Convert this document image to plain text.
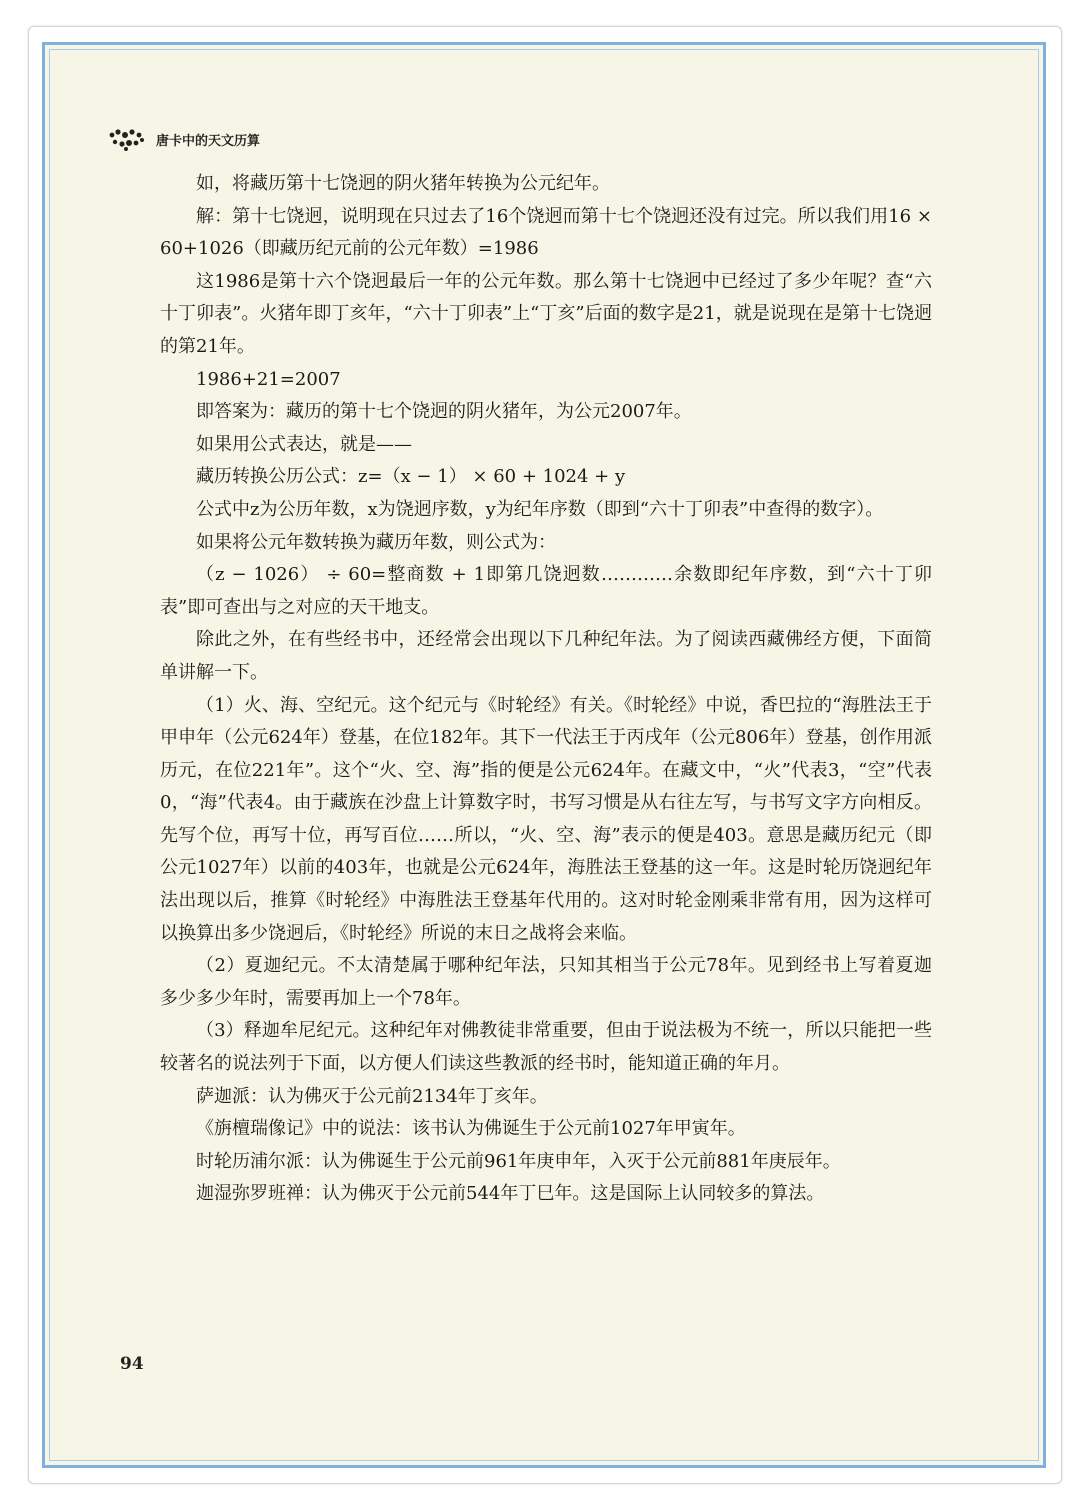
唐卡中的天文历算

如，将藏历第十七饶迥的阴火猪年转换为公元纪年。

解：第十七饶迥，说明现在只过去了16个饶迥而第十七个饶迥还没有过完。所以我们用16 × 60+1026（即藏历纪元前的公元年数）=1986

这1986是第十六个饶迥最后一年的公元年数。那么第十七饶迥中已经过了多少年呢？查“六十丁卯表”。火猪年即丁亥年，“六十丁卯表”上“丁亥”后面的数字是21，就是说现在是第十七饶迥的第21年。

1986+21=2007

即答案为：藏历的第十七个饶迥的阴火猪年，为公元2007年。

如果用公式表达，就是——

藏历转换公历公式：z=（x − 1） × 60 + 1024 + y

公式中z为公历年数，x为饶迥序数，y为纪年序数（即到“六十丁卯表”中查得的数字）。

如果将公元年数转换为藏历年数，则公式为：

（z − 1026） ÷ 60=整商数 + 1即第几饶迥数…………余数即纪年序数，到“六十丁卯表”即可查出与之对应的天干地支。

除此之外，在有些经书中，还经常会出现以下几种纪年法。为了阅读西藏佛经方便，下面简单讲解一下。

（1）火、海、空纪元。这个纪元与《时轮经》有关。《时轮经》中说，香巴拉的“海胜法王于甲申年（公元624年）登基，在位182年。其下一代法王于丙戌年（公元806年）登基，创作用派历元，在位221年”。这个“火、空、海”指的便是公元624年。在藏文中，“火”代表3，“空”代表0，“海”代表4。由于藏族在沙盘上计算数字时，书写习惯是从右往左写，与书写文字方向相反。先写个位，再写十位，再写百位……所以，“火、空、海”表示的便是403。意思是藏历纪元（即公元1027年）以前的403年，也就是公元624年，海胜法王登基的这一年。这是时轮历饶迥纪年法出现以后，推算《时轮经》中海胜法王登基年代用的。这对时轮金刚乘非常有用，因为这样可以换算出多少饶迥后，《时轮经》所说的末日之战将会来临。

（2）夏迦纪元。不太清楚属于哪种纪年法，只知其相当于公元78年。见到经书上写着夏迦多少多少年时，需要再加上一个78年。

（3）释迦牟尼纪元。这种纪年对佛教徒非常重要，但由于说法极为不统一，所以只能把一些较著名的说法列于下面，以方便人们读这些教派的经书时，能知道正确的年月。

萨迦派：认为佛灭于公元前2134年丁亥年。

《旃檀瑞像记》中的说法：该书认为佛诞生于公元前1027年甲寅年。

时轮历浦尔派：认为佛诞生于公元前961年庚申年，入灭于公元前881年庚辰年。

迦湿弥罗班禅：认为佛灭于公元前544年丁巳年。这是国际上认同较多的算法。

94
